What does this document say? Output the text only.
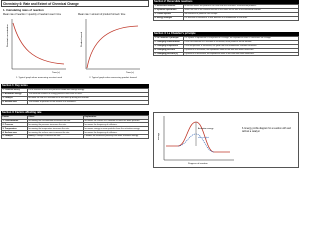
Chemistry 6: Rate and Extent of Chemical Change
1. Calculating rates of reaction
Mean rate of reaction = quantity of reactant used / time	Mean rate = amount of product formed / time
Reactant concentration
Time (s)
1. Typical graph when measuring reactant used
Product formed
Time (s)
2. Typical graph when measuring product formed
Section 1: Key terms
1. Collision theory	For a reaction to occur the particles collide with enough energy.
2. Activation energy	The minimum amount of energy particles must have to react.
3. Catalyst	Increase the rate of a reaction but is not used up during the reaction.
4. Surface area	The number of particles at the surface of a substance.
Section 3: Factors affecting rate
Factor	Effect	Explanation
1. Concentration	Increasing the concentration increases the rate.	Increases the chance of a collision as there are more particles.
2. Pressure	Increasing the pressure increases the rate.	Increases the frequency of collisions.
3. Temperature	Increasing the temperature increases the rate.	Increases energy so more particles have the activation energy.
4. Surface area	Increasing the surface area increases the rate.	Increases the frequency of collisions.
5. Catalyst	Adding a catalyst increases the rate.	Provides an alternative pathway with lower activation energy.
Section 2: Reversible reactions
1. Reversible reaction	A reaction where the products can also form the reactants. Reactants ⇌ products
2. Dynamic equilibrium	When the rate of the forward reaction is the same as the rate of the backward reaction.
3. Closed system	No reactants or products can escape.
4. Energy changes	If a reaction is exothermic in one direction it is endothermic in the other.
Section 4: Le Chatelier's principle
1. Le Chatelier's principle	If a system at equilibrium is subjected to a change, the equilibrium shifts to counteract the change.
2. Changing concentration	If the concentration of a reactant is increased, more products will be formed.
3. Changing temperature	If the temperature is increased, the yield from the endothermic reaction increases.
4. Changing pressure	If pressure is increased, the equilibrium shifts to the side with fewer molecules.
5. Changing pressure (2)	If pressure is decreased, the equilibrium shifts to the side with more molecules.
Energy
Progress of reaction
Activation energy
with catalyst
6. Energy profile diagram for a reaction with and without a catalyst
